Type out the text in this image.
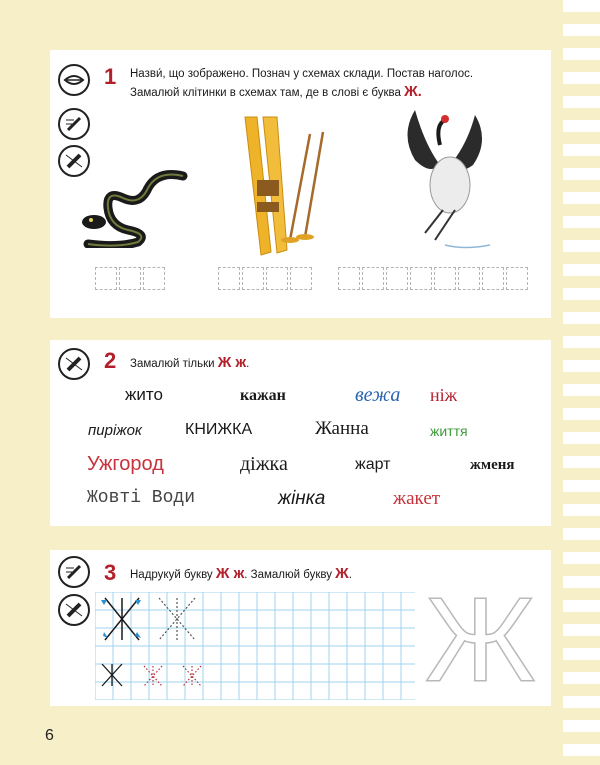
1 Назви́, що зображено. Познач у схемах склади. Постав наголос.
Замалюй клітинки в схемах там, де в слові є буква Ж.
2 Замалюй тільки Ж ж.
жито	кажан	вежа ніж
пиріжок	КНИЖКА	Жанна	життя
Ужгород	діжка	жарт	жменя
Жовті Води	жінка	жакет
3 Надрукуй букву Ж ж. Замалюй букву Ж. Ж
6
